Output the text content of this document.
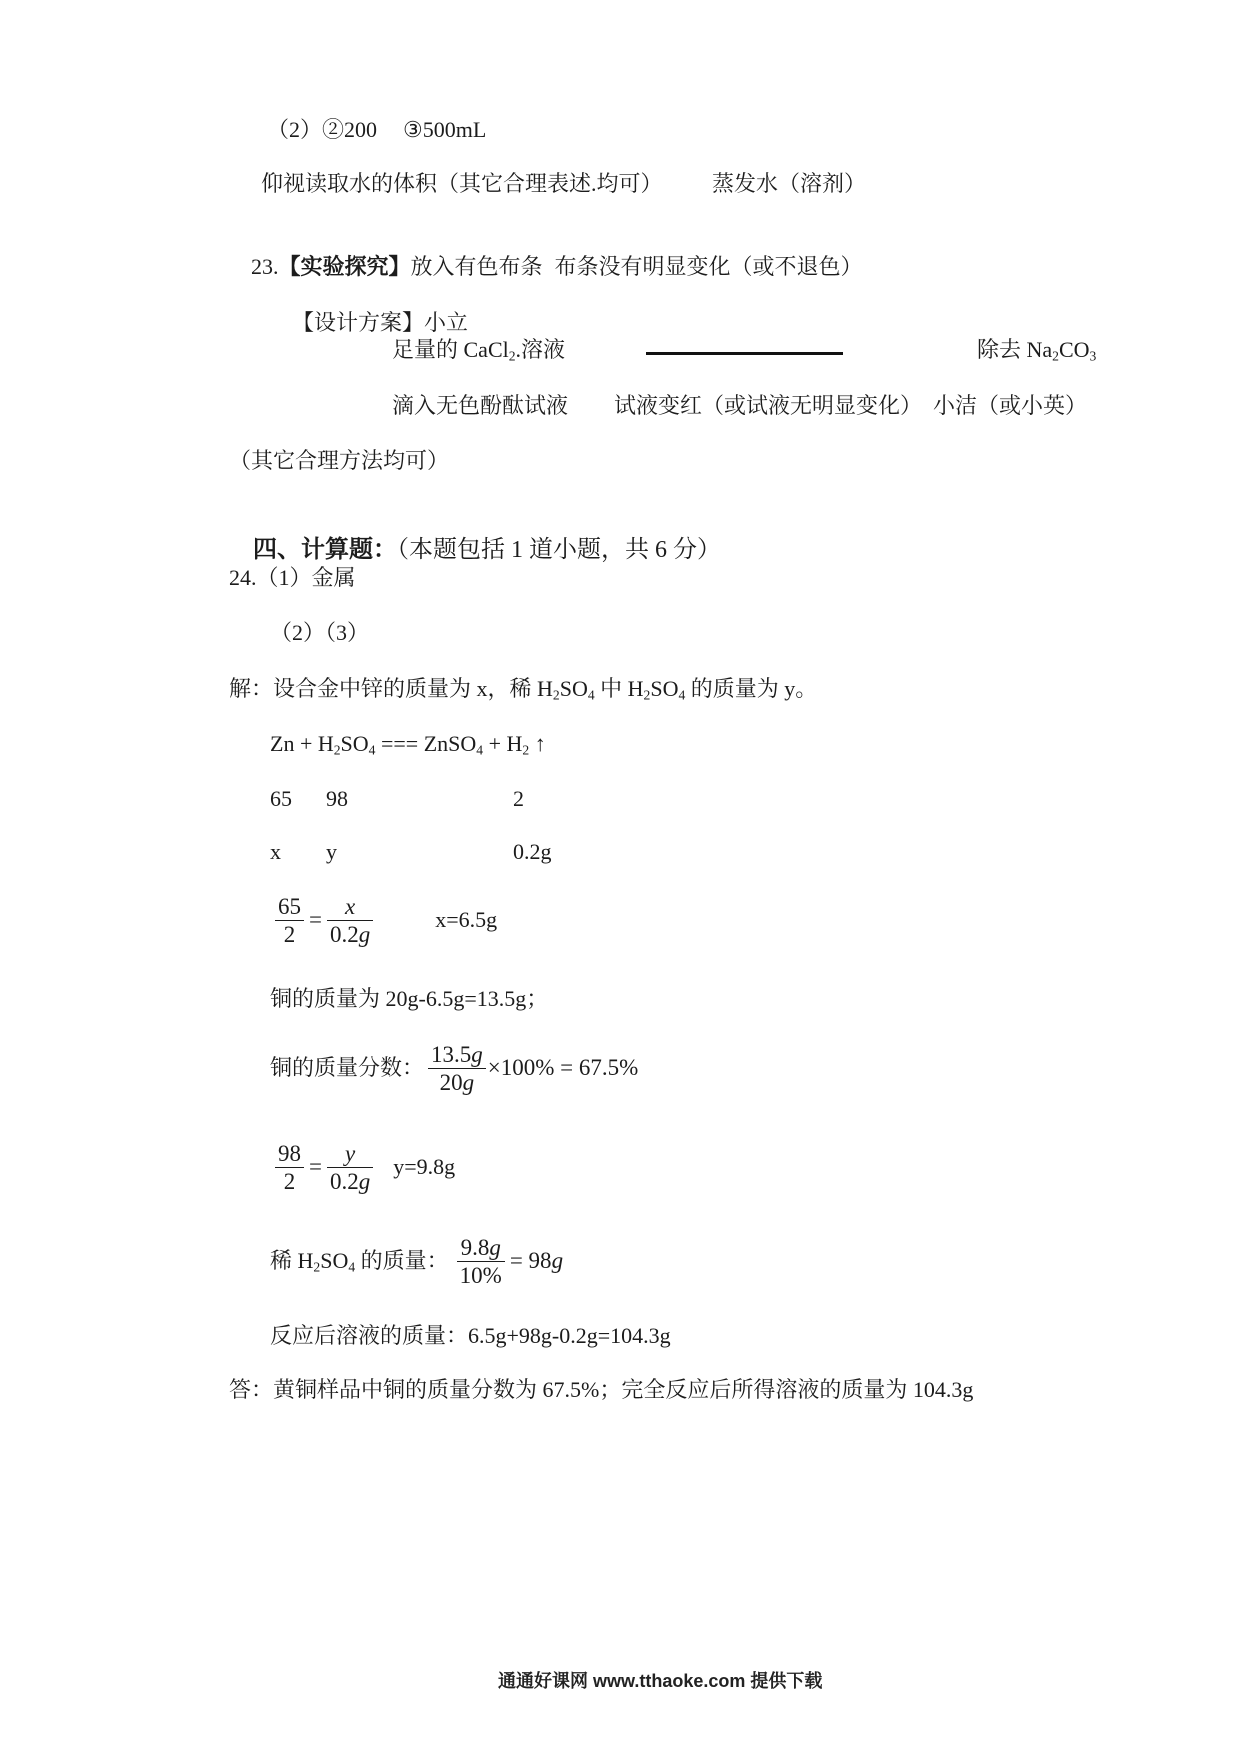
（2）②200 ③500mL
仰视读取水的体积（其它合理表述.均可） 蒸发水（溶剂）

23.【实验探究】放入有色布条 布条没有明显变化（或不退色）

【设计方案】小立

足量的 CaCl$_2$.溶液	除去 $Na_2CO_3$
滴入无色酚酞试液 试液变红（或试液无明显变化） 小洁（或小英）
（其它合理方法均可）

四、计算题：（本题包括 1 道小题，共 6 分）

24.（1）金属
（2）（3）
解：设合金中锌的质量为 x，稀 $H_2SO_4$ 中 $H_2SO_4$ 的质量为 y。
$Zn + H_2SO_4$ === ZnSO$_4$ + $H_2$ ↑
65 98	2
x y	0.2g
$\frac{65}{2} = \frac{x}{0.2g}$	x=6.5g
铜的质量为 20g-6.5g=13.5g；
铜的质量分数： $\frac{13.5g}{20g} \times 100\% = 67.5\%$
$\frac{98}{2} = \frac{y}{0.2g} y=9.8g$
稀 $H_2SO_4$ 的质量： $\frac{9.8g}{10\%} = 98g$
反应后溶液的质量：6.5g+98g-0.2g=104.3g
答：黄铜样品中铜的质量分数为 67.5%；完全反应后所得溶液的质量为 104.3g
通通好课网 www.tthaoke.com 提供下载
